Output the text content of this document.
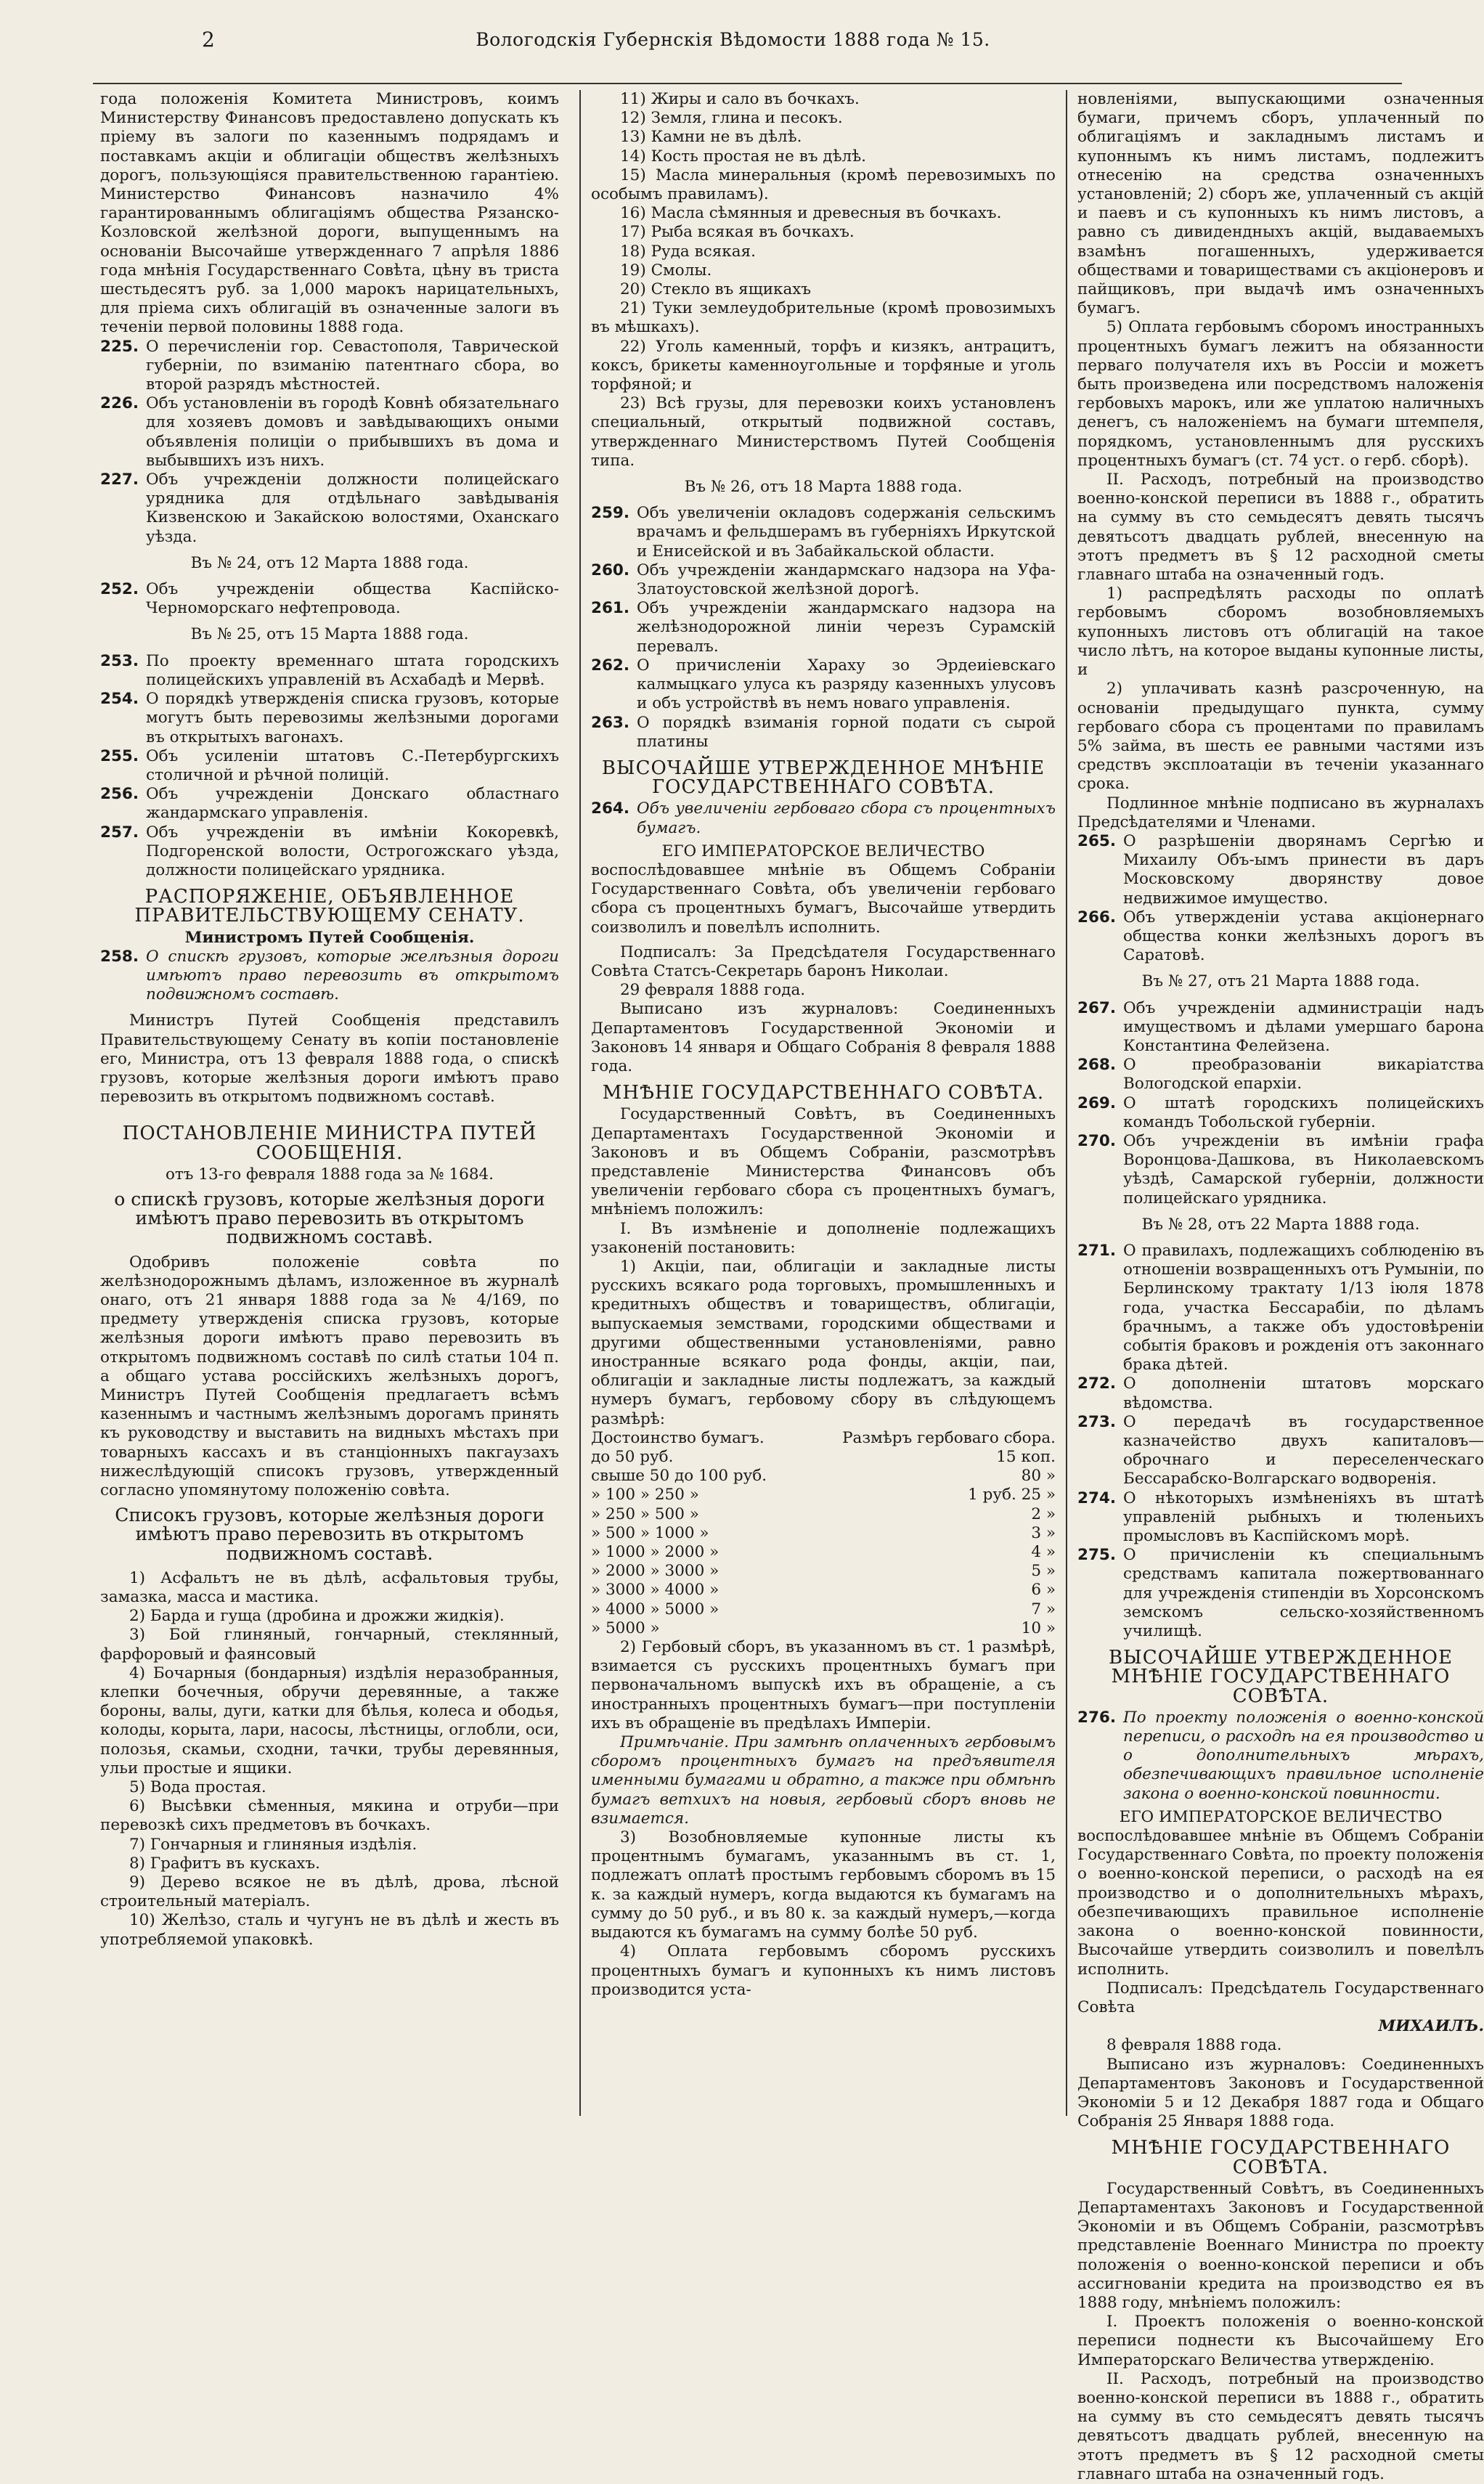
2	Вологодскія Губернскія Вѣдомости 1888 года № 15.

года положенія Комитета Министровъ, коимъ Министерству Финансовъ предоставлено допускать къ пріему въ залоги по казеннымъ подрядамъ и поставкамъ акціи и облигаціи обществъ желѣзныхъ дорогъ, пользующіяся правительственною гарантіею. Министерство Финансовъ назначило 4% гарантированнымъ облигаціямъ общества Рязанско-Козловской желѣзной дороги, выпущеннымъ на основаніи Высочайше утвержденнаго 7 апрѣля 1886 года мнѣнія Государственнаго Совѣта, цѣну въ триста шестьдесятъ руб. за 1,000 марокъ нарицательныхъ, для пріема сихъ облигацій въ означенные залоги въ теченіи первой половины 1888 года.

225. О перечисленіи гор. Севастополя, Таврической губерніи, по взиманію патентнаго сбора, во второй разрядъ мѣстностей.
226. Объ установленіи въ городѣ Ковнѣ обязательнаго для хозяевъ домовъ и завѣдывающихъ оными объявленія полиціи о прибывшихъ въ дома и выбывшихъ изъ нихъ.
227. Объ учрежденіи должности полицейскаго урядника для отдѣльнаго завѣдыванія Кизвенскою и Закайскою волостями, Оханскаго уѣзда.

Въ № 24, отъ 12 Марта 1888 года.

252. Объ учрежденіи общества Каспійско-Черноморскаго нефтепровода.

Въ № 25, отъ 15 Марта 1888 года.

253. По проекту временнаго штата городскихъ полицейскихъ управленій въ Асхабадѣ и Мервѣ.
254. О порядкѣ утвержденія списка грузовъ, которые могутъ быть перевозимы желѣзными дорогами въ открытыхъ вагонахъ.
255. Объ усиленіи штатовъ С.-Петербургскихъ столичной и рѣчной полицій.
256. Объ учрежденіи Донскаго областнаго жандармскаго управленія.
257. Объ учрежденіи въ имѣніи Кокоревкѣ, Подгоренской волости, Острогожскаго уѣзда, должности полицейскаго урядника.
РАСПОРЯЖЕНІЕ, ОБЪЯВЛЕННОЕ ПРАВИТЕЛЬСТВУЮЩЕМУ СЕНАТУ.
Министромъ Путей Сообщенія.
258. О спискѣ грузовъ, которые желѣзныя дороги имѣютъ право перевозить въ открытомъ подвижномъ составѣ.

Министръ Путей Сообщенія представилъ Правительствующему Сенату въ копіи постановленіе его, Министра, отъ 13 февраля 1888 года, о спискѣ грузовъ, которые желѣзныя дороги имѣютъ право перевозить въ открытомъ подвижномъ составѣ.

ПОСТАНОВЛЕНІЕ МИНИСТРА ПУТЕЙ СООБЩЕНІЯ.
отъ 13-го февраля 1888 года за № 1684.
о спискѣ грузовъ, которые желѣзныя дороги имѣютъ право перевозить въ открытомъ подвижномъ составѣ.

Одобривъ положеніе совѣта по желѣзнодорожнымъ дѣламъ, изложенное въ журналѣ онаго, отъ 21 января 1888 года за № 4/169, по предмету утвержденія списка грузовъ, которые желѣзныя дороги имѣютъ право перевозить въ открытомъ подвижномъ составѣ по силѣ статьи 104 п. а общаго устава россійскихъ желѣзныхъ дорогъ, Министръ Путей Сообщенія предлагаетъ всѣмъ казеннымъ и частнымъ желѣзнымъ дорогамъ принять къ руководству и выставить на видныхъ мѣстахъ при товарныхъ кассахъ и въ станціонныхъ пакгаузахъ нижеслѣдующій списокъ грузовъ, утвержденный согласно упомянутому положенію совѣта.

Списокъ грузовъ, которые желѣзныя дороги имѣютъ право перевозить въ открытомъ подвижномъ составѣ.

1) Асфальтъ не въ дѣлѣ, асфальтовыя трубы, замазка, масса и мастика.

2) Барда и гуща (дробина и дрожжи жидкія).

3) Бой глиняный, гончарный, стеклянный, фарфоровый и фаянсовый

4) Бочарныя (бондарныя) издѣлія неразобранныя, клепки бочечныя, обручи деревянные, а также бороны, валы, дуги, катки для бѣлья, колеса и ободья, колоды, корыта, лари, насосы, лѣстницы, оглобли, оси, полозья, скамьи, сходни, тачки, трубы деревянныя, ульи простые и ящики.

5) Вода простая.

6) Высѣвки сѣменныя, мякина и отруби—при перевозкѣ сихъ предметовъ въ бочкахъ.

7) Гончарныя и глиняныя издѣлія.

8) Графитъ въ кускахъ.

9) Дерево всякое не въ дѣлѣ, дрова, лѣсной строительный матеріалъ.

10) Желѣзо, сталь и чугунъ не въ дѣлѣ и жесть въ употребляемой упаковкѣ.

11) Жиры и сало въ бочкахъ.

12) Земля, глина и песокъ.

13) Камни не въ дѣлѣ.

14) Кость простая не въ дѣлѣ.

15) Масла минеральныя (кромѣ перевозимыхъ по особымъ правиламъ).

16) Масла сѣмянныя и древесныя въ бочкахъ.

17) Рыба всякая въ бочкахъ.

18) Руда всякая.

19) Смолы.

20) Стекло въ ящикахъ

21) Туки землеудобрительные (кромѣ провозимыхъ въ мѣшкахъ).

22) Уголь каменный, торфъ и кизякъ, антрацитъ, коксъ, брикеты каменноугольные и торфяные и уголь торфяной; и

23) Всѣ грузы, для перевозки коихъ установленъ специальный, открытый подвижной составъ, утвержденнаго Министерствомъ Путей Сообщенія типа.

Въ № 26, отъ 18 Марта 1888 года.

259. Объ увеличеніи окладовъ содержанія сельскимъ врачамъ и фельдшерамъ въ губерніяхъ Иркутской и Енисейской и въ Забайкальской области.
260. Объ учрежденіи жандармскаго надзора на Уфа-Златоустовской желѣзной дорогѣ.
261. Объ учрежденіи жандармскаго надзора на желѣзнодорожной линіи черезъ Сурамскій перевалъ.
262. О причисленіи Хараху зо Эрдеиіевскаго калмыцкаго улуса къ разряду казенныхъ улусовъ и объ устройствѣ въ немъ новаго управленія.
263. О порядкѣ взиманія горной подати съ сырой платины
ВЫСОЧАЙШЕ УТВЕРЖДЕННОЕ МНѢНІЕ ГОСУДАРСТВЕННАГО СОВѢТА.
264. Объ увеличеніи гербоваго сбора съ процентныхъ бумагъ.
ЕГО ИМПЕРАТОРСКОЕ ВЕЛИЧЕСТВО

воспослѣдовавшее мнѣніе въ Общемъ Собраніи Государственнаго Совѣта, объ увеличеніи гербоваго сбора съ процентныхъ бумагъ, Высочайше утвердить соизволилъ и повелѣлъ исполнить.

Подписалъ: За Предсѣдателя Государственнаго Совѣта Статсъ-Секретарь баронъ Николаи.

29 февраля 1888 года.

Выписано изъ журналовъ: Соединенныхъ Департаментовъ Государственной Экономіи и Законовъ 14 января и Общаго Собранія 8 февраля 1888 года.

МНѢНІЕ ГОСУДАРСТВЕННАГО СОВѢТА.

Государственный Совѣтъ, въ Соединенныхъ Департаментахъ Государственной Экономіи и Законовъ и въ Общемъ Собраніи, разсмотрѣвъ представленіе Министерства Финансовъ объ увеличеніи гербоваго сбора съ процентныхъ бумагъ, мнѣніемъ положилъ:

I. Въ измѣненіе и дополненіе подлежащихъ узаконеній постановить:

1) Акціи, паи, облигаціи и закладные листы русскихъ всякаго рода торговыхъ, промышленныхъ и кредитныхъ обществъ и товариществъ, облигаціи, выпускаемыя земствами, городскими обществами и другими общественными установленіями, равно иностранные всякаго рода фонды, акціи, паи, облигаціи и закладные листы подлежатъ, за каждый нумеръ бумагъ, гербовому сбору въ слѣдующемъ размѣрѣ:

Достоинство бумагъ.	Размѣръ гербоваго сбора.
до 50 руб.	15 коп.
свыше 50 до 100 руб.	80 »
» 100 » 250 »	1 руб. 25 »
» 250 » 500 »	2 »
» 500 » 1000 »	3 »
» 1000 » 2000 »	4 »
» 2000 » 3000 »	5 »
» 3000 » 4000 »	6 »
» 4000 » 5000 »	7 »
» 5000 »	10 »

2) Гербовый сборъ, въ указанномъ въ ст. 1 размѣрѣ, взимается съ русскихъ процентныхъ бумагъ при первоначальномъ выпускѣ ихъ въ обращеніе, а съ иностранныхъ процентныхъ бумагъ—при поступленіи ихъ въ обращеніе въ предѣлахъ Имперіи.

Примѣчаніе. При замѣнѣ оплаченныхъ гербовымъ сборомъ процентныхъ бумагъ на предъявителя именными бумагами и обратно, а также при обмѣнѣ бумагъ ветхихъ на новыя, гербовый сборъ вновь не взимается.

3) Возобновляемые купонные листы къ процентнымъ бумагамъ, указаннымъ въ ст. 1, подлежатъ оплатѣ простымъ гербовымъ сборомъ въ 15 к. за каждый нумеръ, когда выдаются къ бумагамъ на сумму до 50 руб., и въ 80 к. за каждый нумеръ,—когда выдаются къ бумагамъ на сумму болѣе 50 руб.

4) Оплата гербовымъ сборомъ русскихъ процентныхъ бумагъ и купонныхъ къ нимъ листовъ производится уста-

новленіями, выпускающими означенныя бумаги, причемъ сборъ, уплаченный по облигаціямъ и закладнымъ листамъ и купоннымъ къ нимъ листамъ, подлежитъ отнесенію на средства означенныхъ установленій; 2) сборъ же, уплаченный съ акцій и паевъ и съ купонныхъ къ нимъ листовъ, а равно съ дивидендныхъ акцій, выдаваемыхъ взамѣнъ погашенныхъ, удерживается обществами и товариществами съ акціонеровъ и пайщиковъ, при выдачѣ имъ означенныхъ бумагъ.

5) Оплата гербовымъ сборомъ иностранныхъ процентныхъ бумагъ лежитъ на обязанности перваго получателя ихъ въ Россіи и можетъ быть произведена или посредствомъ наложенія гербовыхъ марокъ, или же уплатою наличныхъ денегъ, съ наложеніемъ на бумаги штемпеля, порядкомъ, установленнымъ для русскихъ процентныхъ бумагъ (ст. 74 уст. о герб. сборѣ).

II. Расходъ, потребный на производство военно-конской переписи въ 1888 г., обратить на сумму въ сто семьдесятъ девять тысячъ девятьсотъ двадцать рублей, внесенную на этотъ предметъ въ § 12 расходной сметы главнаго штаба на означенный годъ.

1) распредѣлять расходы по оплатѣ гербовымъ сборомъ возобновляемыхъ купонныхъ листовъ отъ облигацій на такое число лѣтъ, на которое выданы купонные листы, и

2) уплачивать казнѣ разсроченную, на основаніи предыдущаго пункта, сумму гербоваго сбора съ процентами по правиламъ 5% займа, въ шесть ее равными частями изъ средствъ эксплоатаціи въ теченіи указаннаго срока.

Подлинное мнѣніе подписано въ журналахъ Предсѣдателями и Членами.

265. О разрѣшеніи дворянамъ Сергѣю и Михаилу Объ-ымъ принести въ даръ Московскому дворянству довое недвижимое имущество.
266. Объ утвержденіи устава акціонернаго общества конки желѣзныхъ дорогъ въ Саратовѣ.

Въ № 27, отъ 21 Марта 1888 года.

267. Объ учрежденіи администраціи надъ имуществомъ и дѣлами умершаго барона Константина Фелейзена.
268. О преобразованіи викаріатства Вологодской епархіи.
269. О штатѣ городскихъ полицейскихъ командъ Тобольской губерніи.
270. Объ учрежденіи въ имѣніи графа Воронцова-Дашкова, въ Николаевскомъ уѣздѣ, Самарской губерніи, должности полицейскаго урядника.

Въ № 28, отъ 22 Марта 1888 года.

271. О правилахъ, подлежащихъ соблюденію въ отношеніи возвращенныхъ отъ Румыніи, по Берлинскому трактату 1/13 іюля 1878 года, участка Бессарабіи, по дѣламъ брачнымъ, а также объ удостовѣреніи событія браковъ и рожденія отъ законнаго брака дѣтей.
272. О дополненіи штатовъ морскаго вѣдомства.
273. О передачѣ въ государственное казначейство двухъ капиталовъ—оброчнаго и переселенческаго Бессарабско-Волгарскаго водворенія.
274. О нѣкоторыхъ измѣненіяхъ въ штатѣ управленій рыбныхъ и тюленьихъ промысловъ въ Каспійскомъ морѣ.
275. О причисленіи къ специальнымъ средствамъ капитала пожертвованнаго для учрежденія стипендіи въ Хорсонскомъ земскомъ сельско-хозяйственномъ училищѣ.
ВЫСОЧАЙШЕ УТВЕРЖДЕННОЕ МНѢНІЕ ГОСУДАРСТВЕННАГО СОВѢТА.
276. По проекту положенія о военно-конской переписи, о расходѣ на ея производство и о дополнительныхъ мѣрахъ, обезпечивающихъ правильное исполненіе закона о военно-конской повинности.
ЕГО ИМПЕРАТОРСКОЕ ВЕЛИЧЕСТВО

воспослѣдовавшее мнѣніе въ Общемъ Собраніи Государственнаго Совѣта, по проекту положенія о военно-конской переписи, о расходѣ на ея производство и о дополнительныхъ мѣрахъ, обезпечивающихъ правильное исполненіе закона о военно-конской повинности, Высочайше утвердить соизволилъ и повелѣлъ исполнить.

Подписалъ: Предсѣдатель Государственнаго Совѣта

МИХАИЛЪ.

8 февраля 1888 года.

Выписано изъ журналовъ: Соединенныхъ Департаментовъ Законовъ и Государственной Экономіи 5 и 12 Декабря 1887 года и Общаго Собранія 25 Января 1888 года.

МНѢНІЕ ГОСУДАРСТВЕННАГО СОВѢТА.

Государственный Совѣтъ, въ Соединенныхъ Департаментахъ Законовъ и Государственной Экономіи и въ Общемъ Собраніи, разсмотрѣвъ представленіе Военнаго Министра по проекту положенія о военно-конской переписи и объ ассигнованіи кредита на производство ея въ 1888 году, мнѣніемъ положилъ:

I. Проектъ положенія о военно-конской переписи поднести къ Высочайшему Его Императорскаго Величества утвержденію.

II. Расходъ, потребный на производство военно-конской переписи въ 1888 г., обратить на сумму въ сто семьдесятъ девять тысячъ девятьсотъ двадцать рублей, внесенную на этотъ предметъ въ § 12 расходной сметы главнаго штаба на означенный годъ.
